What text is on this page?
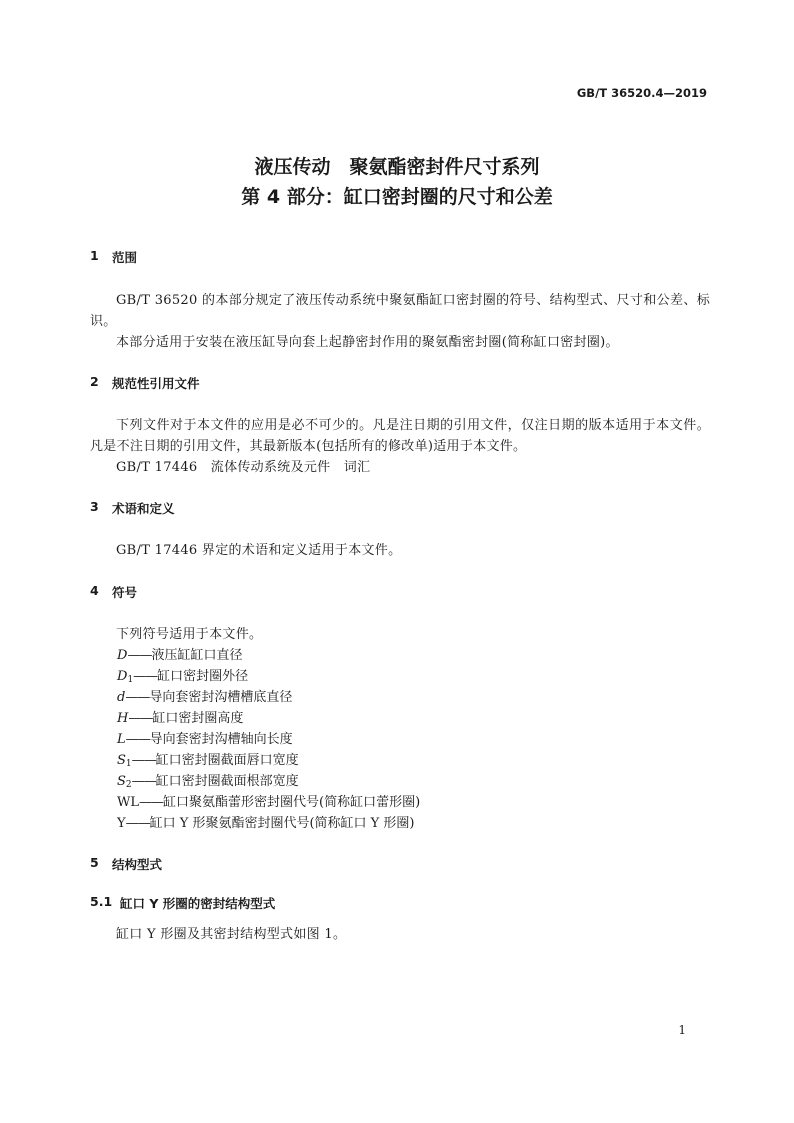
GB/T 36520.4—2019
液压传动　聚氨酯密封件尺寸系列
第 4 部分：缸口密封圈的尺寸和公差
1 范围
GB/T 36520 的本部分规定了液压传动系统中聚氨酯缸口密封圈的符号、结构型式、尺寸和公差、标识。
本部分适用于安装在液压缸导向套上起静密封作用的聚氨酯密封圈(简称缸口密封圈)。
2 规范性引用文件
下列文件对于本文件的应用是必不可少的。凡是注日期的引用文件，仅注日期的版本适用于本文件。凡是不注日期的引用文件，其最新版本(包括所有的修改单)适用于本文件。
GB/T 17446　流体传动系统及元件　词汇
3 术语和定义
GB/T 17446 界定的术语和定义适用于本文件。
4 符号
下列符号适用于本文件。
D——液压缸缸口直径
$D_1——$缸口密封圈外径
d——导向套密封沟槽槽底直径
H——缸口密封圈高度
L——导向套密封沟槽轴向长度
$S_1——$缸口密封圈截面唇口宽度
$S_2——$缸口密封圈截面根部宽度
WL——缸口聚氨酯蕾形密封圈代号(简称缸口蕾形圈)
Y——缸口 Y 形聚氨酯密封圈代号(简称缸口 Y 形圈)
5 结构型式
5.1 缸口 Y 形圈的密封结构型式
缸口 Y 形圈及其密封结构型式如图 1。
1
